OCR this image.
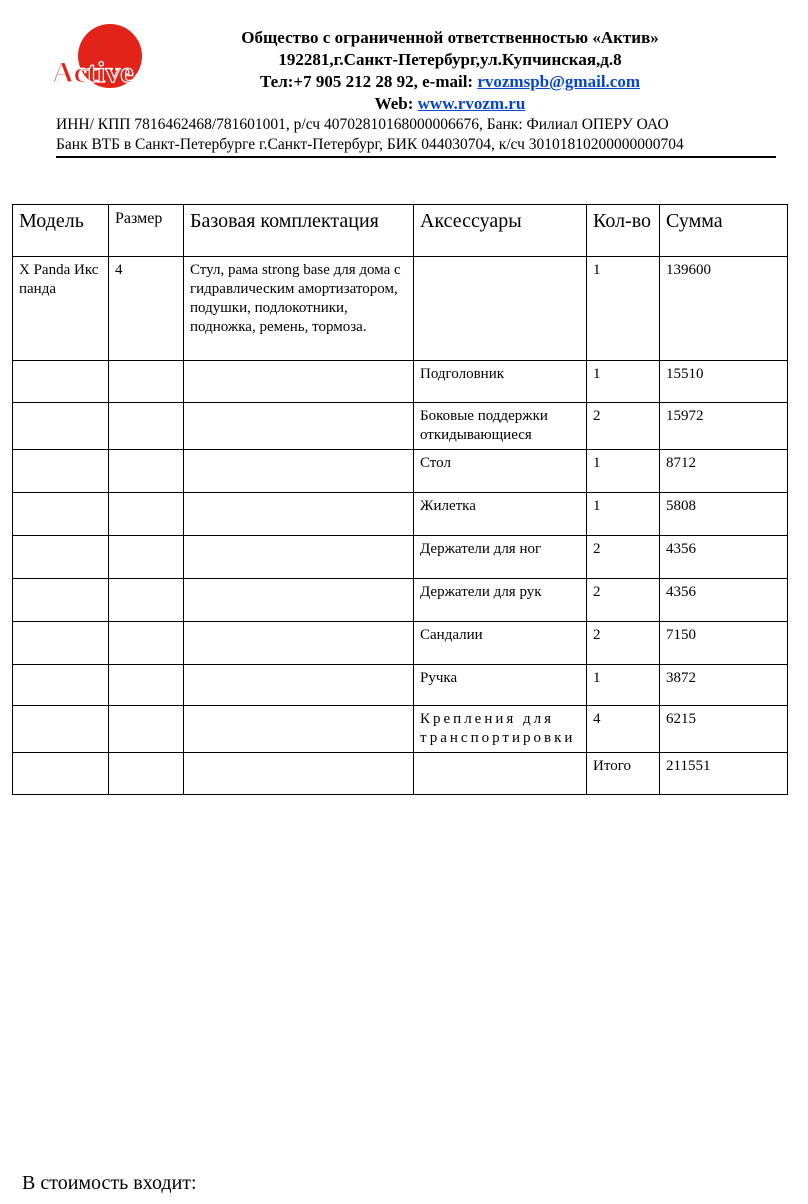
Active
Общество с ограниченной ответственностью «Актив»
192281,г.Санкт-Петербург,ул.Купчинская,д.8
Тел:+7 905 212 28 92, e-mail: rvozmspb@gmail.com
Web: www.rvozm.ru
ИНН/ КПП 7816462468/781601001, р/сч 40702810168000006676, Банк: Филиал ОПЕРУ ОАО
Банк ВТБ в Санкт-Петербурге г.Санкт-Петербург, БИК 044030704, к/сч 30101810200000000704
Модель	Размер	Базовая комплектация	Аксессуары	Кол-во	Сумма
X Panda Икс панда	4	Стул, рама strong base для дома с гидравлическим амортизатором, подушки, подлокотники, подножка, ремень, тормоза.		1	139600
			Подголовник	1	15510
			Боковые поддержки откидывающиеся	2	15972
			Стол	1	8712
			Жилетка	1	5808
			Держатели для ног	2	4356
			Держатели для рук	2	4356
			Сандалии	2	7150
			Ручка	1	3872
			Крепления для транспортировки	4	6215
				Итого	211551
В стоимость входит:
